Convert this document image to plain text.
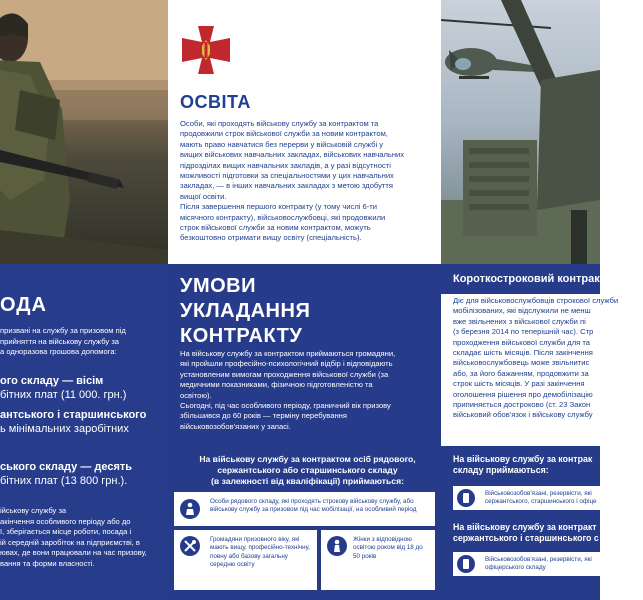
ОСВІТА

Особи, які проходять військову службу за контрактом та

продовжили строк військової служби за новим контрактом,

мають право навчатися без перерви у військовій службі у

вищих військових навчальних закладах, військових навчальних

підрозділах вищих навчальних закладів, а у разі відсутності

можливості підготовки за спеціальностями у цих навчальних

закладах, — в інших навчальних закладах з метою здобуття

вищої освіти.

Після завершення першого контракту (у тому числі 6-ти

місячного контракту), військовослужбовці, які продовжили

строк військової служби за новим контрактом, можуть

безкоштовно отримати вищу освіту (спеціальність).

ОДА
призвані на службу за призовом під
прийняття на військову службу за
а одноразова грошова допомога:
ого складу — вісім
бітних плат (11 000. грн.)
антського і старшинського
ь мінімальних заробітних
ського складу — десять
бітних плат (13 800 грн.).
ійськову службу за
акінчення особливого періоду або до
ї, зберігається місце роботи, посада і
ій середній заробіток на підприємстві, в
ювах, де вони працювали на час призову,
вання та форми власності.
УМОВИ
УКЛАДАННЯ
КОНТРАКТУ
На військову службу за контрактом приймаються громадяни,
які пройшли професійно-психологічний відбір і відповідають
установленим вимогам проходження військової служби (за
медичними показниками, фізичною підготовленістю та
освітою).
Сьогодні, під час особливого періоду, граничний вік призову
збільшився до 60 років — терміну перебування
військовозобов'язаних у запасі.
На військову службу за контрактом осіб рядового,
сержантського або старшинського складу
(в залежності від кваліфікації) приймаються:
Особи рядового складу, які проходять строкову військову службу, або військову службу за призовом під час мобілізації, на особливий період
Громадяни призовного віку, які мають вищу, професійно-технічну, повну або базову загальну середню освіту
Жінки з відповідною освітою роком від 18 до 50 років
Короткостроковий контракт
Діє для військовослужбовців строкової служби
мобілізованих, які відслужили не менш
вже звільнених з військової служби пі
(з березня 2014 по теперішній час). Стр
проходження військової служби для та
складає шість місяців. Після закінчення
військовослужбовець може звільнитис
або, за його бажанням, продовжити за
строк шість місяців. У разі закінчення
оголошення рішення про демобілізацію
припиняється достроково (ст. 23 Закон
військовий обов'язок і військову службу
На військову службу за контрак
складу приймаються:
Військовозобов'язані, резервісти, які
сержантського, старшинського і офіце
На військову службу за контракт
сержантського і старшинського с
Військовозобов'язані, резервісти, які
офіцерського складу
